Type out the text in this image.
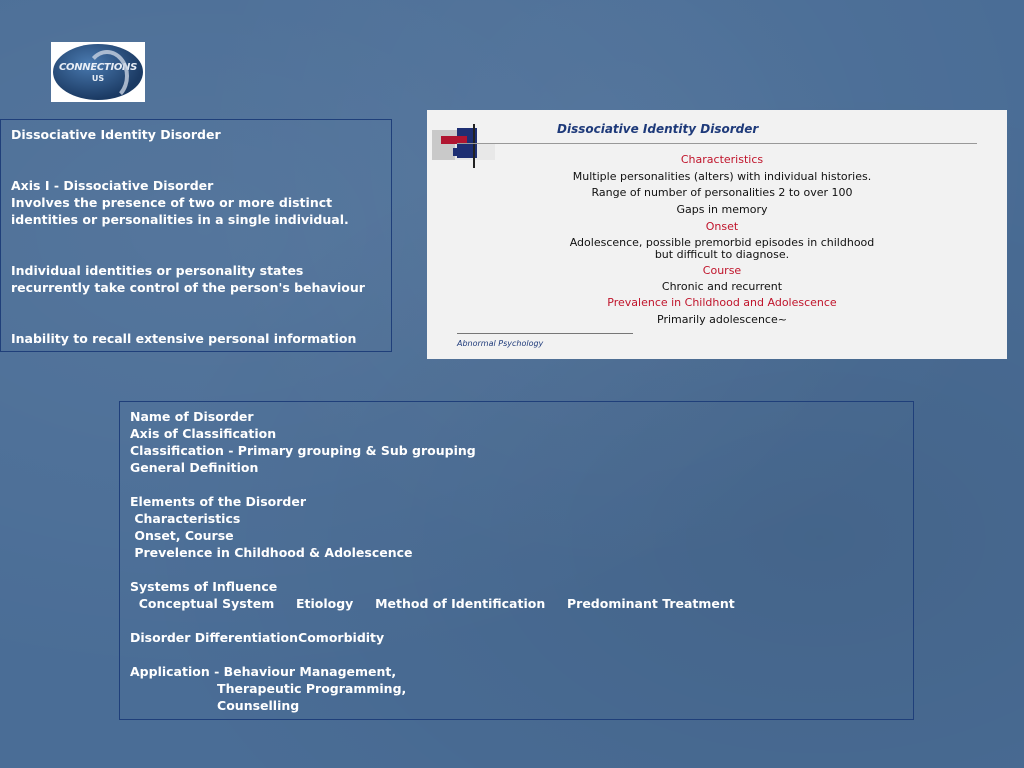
CONNECTIONS
US

Dissociative Identity Disorder

Axis I - Dissociative Disorder

Involves the presence of two or more distinct

identities or personalities in a single individual.

Individual identities or personality states

recurrently take control of the person's behaviour

Inability to recall extensive personal information

Dissociative Identity Disorder
Characteristics
Multiple personalities (alters) with individual histories.
Range of number of personalities 2 to over 100
Gaps in memory
Onset
Adolescence, possible premorbid episodes in childhood
but difficult to diagnose.
Course
Chronic and recurrent
Prevalence in Childhood and Adolescence
Primarily adolescence~
Abnormal Psychology

Name of Disorder

Axis of Classification

Classification - Primary grouping & Sub grouping

General Definition

Elements of the Disorder

Characteristics

Onset, Course

Prevelence in Childhood & Adolescence

Systems of Influence

Conceptual System     Etiology     Method of Identification     Predominant Treatment

Disorder DifferentiationComorbidity

Application - Behaviour Management,

Therapeutic Programming,

Counselling
